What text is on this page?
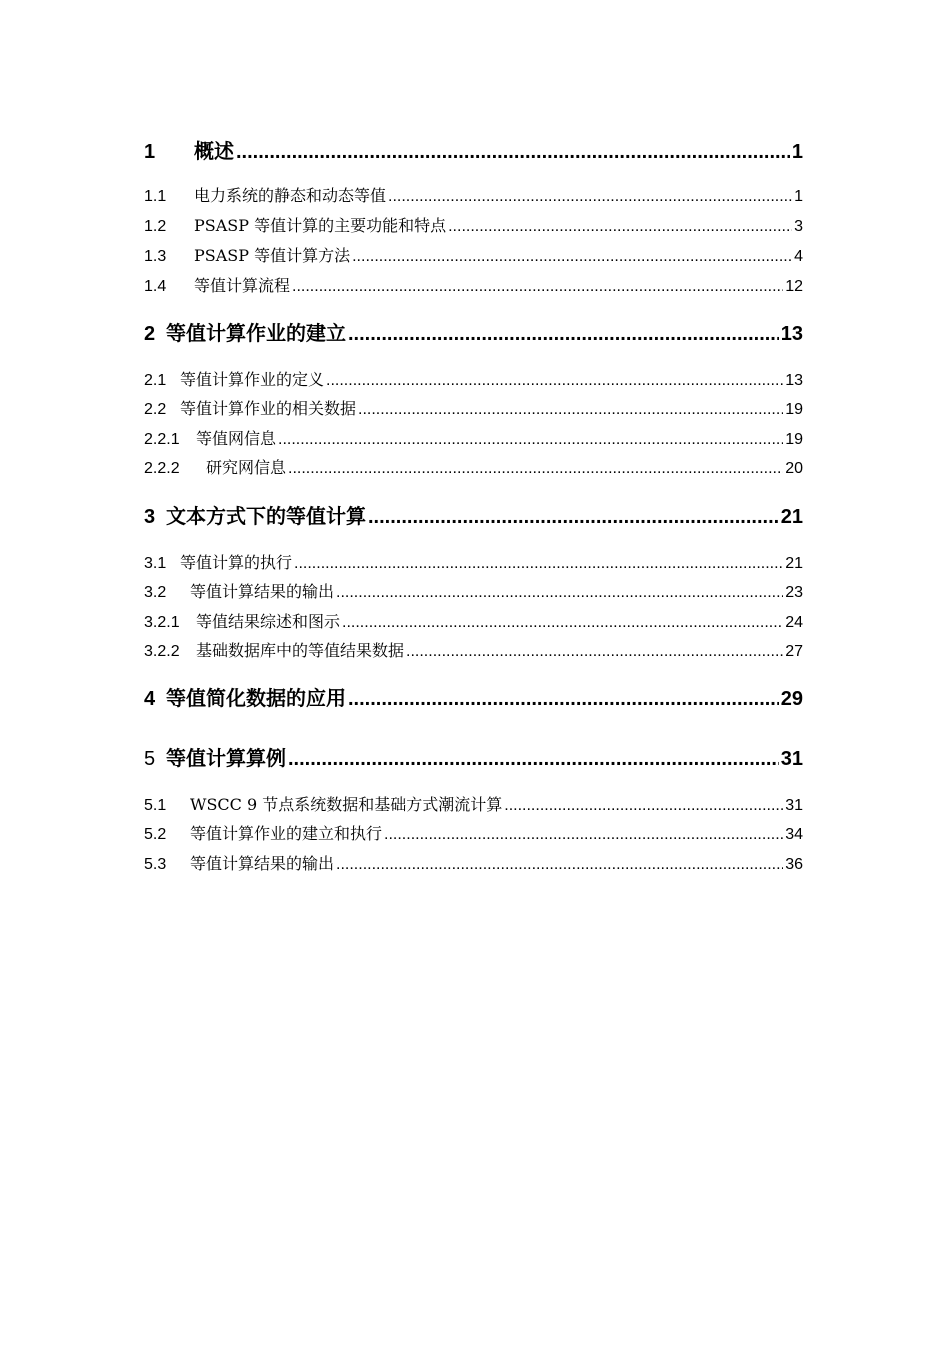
1	概述 .....	1
1.1	电力系统的静态和动态等值 .....	1
1.2	PSASP 等值计算的主要功能和特点 .....	3
1.3	PSASP 等值计算方法 .....	4
1.4	等值计算流程 .....	12
2 等值计算作业的建立 .....	13
2.1 等值计算作业的定义 .....	13
2.2 等值计算作业的相关数据 .....	19
2.2.1	等值网信息 .....	19
2.2.2	研究网信息 .....	20
3 文本方式下的等值计算 .....	21
3.1 等值计算的执行 .....	21
3.2	等值计算结果的输出 .....	23
3.2.1	等值结果综述和图示 .....	24
3.2.2	基础数据库中的等值结果数据 .....	27
4 等值简化数据的应用 .....	29
5 等值计算算例 .....	31
5.1	WSCC 9 节点系统数据和基础方式潮流计算 .....	31
5.2	等值计算作业的建立和执行 .....	34
5.3	等值计算结果的输出 .....	36
